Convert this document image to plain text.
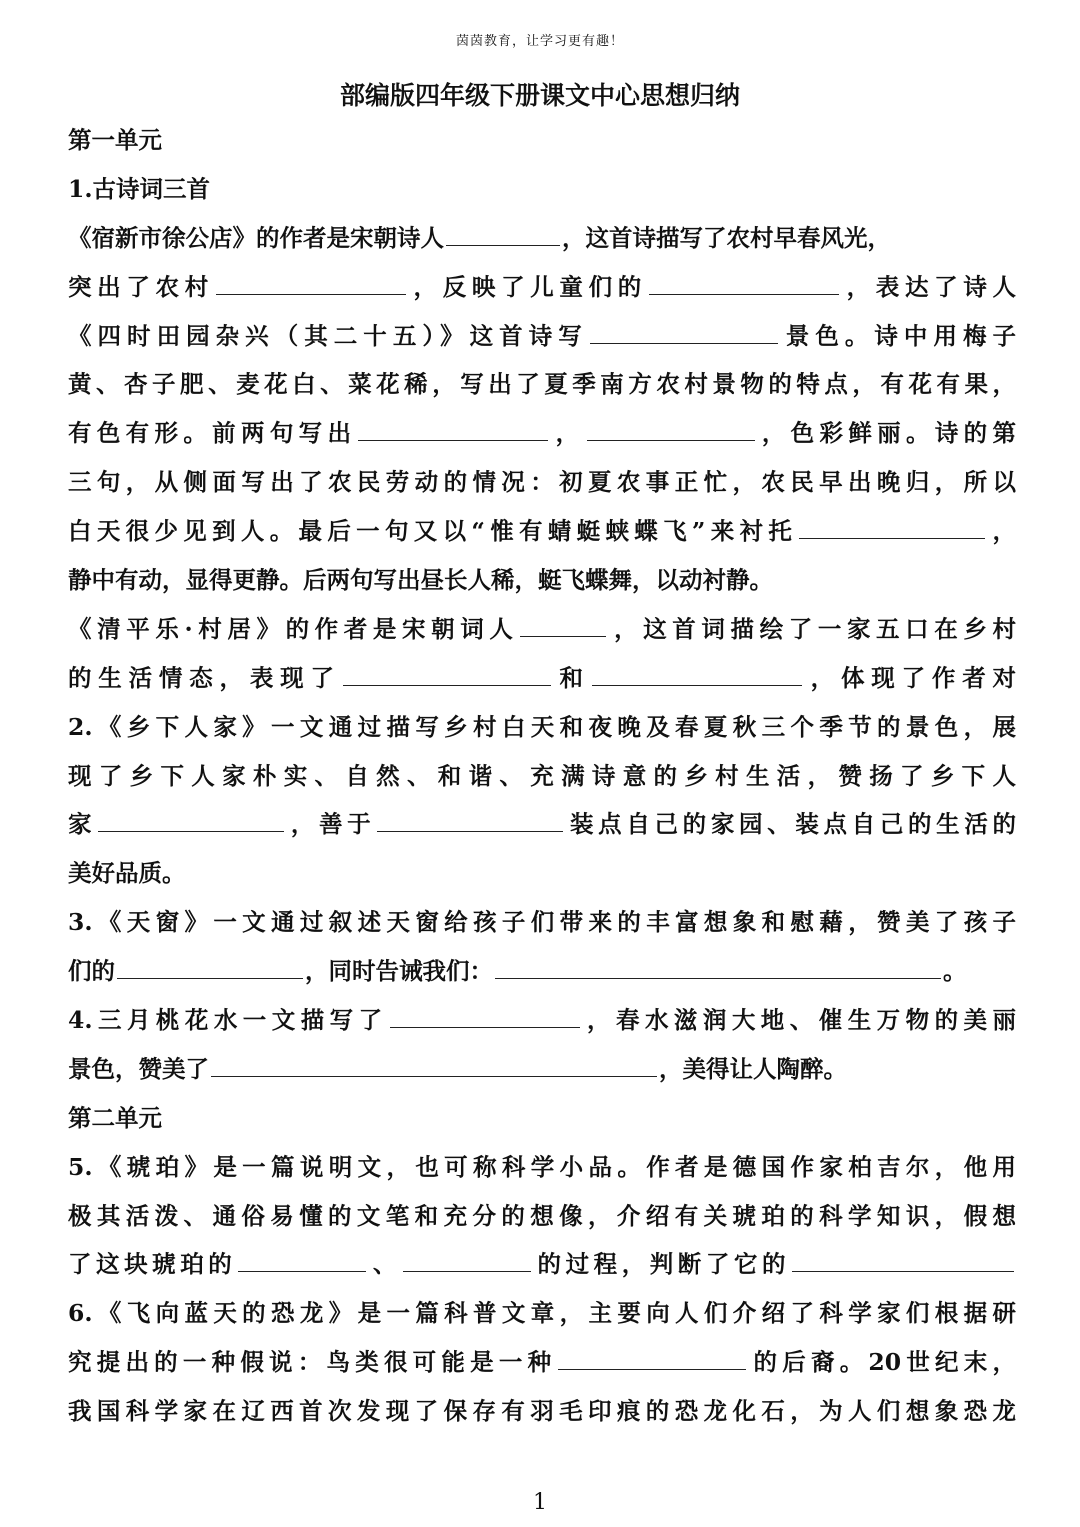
茵茵教育，让学习更有趣！
部编版四年级下册课文中心思想归纳
第一单元
1.古诗词三首
《宿新市徐公店》的作者是宋朝诗人	，这首诗描写了农村早春风光，
突出了农村	，反映了儿童们的	，表达了诗人
《四时田园杂兴（其二十五）》这首诗写	景色。诗中用梅子
黄、杏子肥、麦花白、菜花稀，写出了夏季南方农村景物的特点，有花有果，
有色有形。前两句写出	，	，色彩鲜丽。诗的第
三句，从侧面写出了农民劳动的情况：初夏农事正忙，农民早出晚归，所以
白天很少见到人。最后一句又以“惟有蜻蜓蛱蝶飞”来衬托	，
静中有动，显得更静。后两句写出昼长人稀，蜓飞蝶舞，以动衬静。
《清平乐·村居》的作者是宋朝词人	，这首词描绘了一家五口在乡村
的生活情态，表现了	和	，体现了作者对
2.《乡下人家》一文通过描写乡村白天和夜晚及春夏秋三个季节的景色，展
现了乡下人家朴实、自然、和谐、充满诗意的乡村生活，赞扬了乡下人
家	，善于	装点自己的家园、装点自己的生活的
美好品质。
3.《天窗》一文通过叙述天窗给孩子们带来的丰富想象和慰藉，赞美了孩子
们的	，同时告诫我们：	。
4.三月桃花水一文描写了	，春水滋润大地、催生万物的美丽
景色，赞美了	，美得让人陶醉。
第二单元
5.《琥珀》是一篇说明文，也可称科学小品。作者是德国作家柏吉尔，他用
极其活泼、通俗易懂的文笔和充分的想像，介绍有关琥珀的科学知识，假想
了这块琥珀的	、	的过程，判断了它的
6.《飞向蓝天的恐龙》是一篇科普文章，主要向人们介绍了科学家们根据研
究提出的一种假说：鸟类很可能是一种	的后裔。20世纪末，
我国科学家在辽西首次发现了保存有羽毛印痕的恐龙化石，为人们想象恐龙
1
